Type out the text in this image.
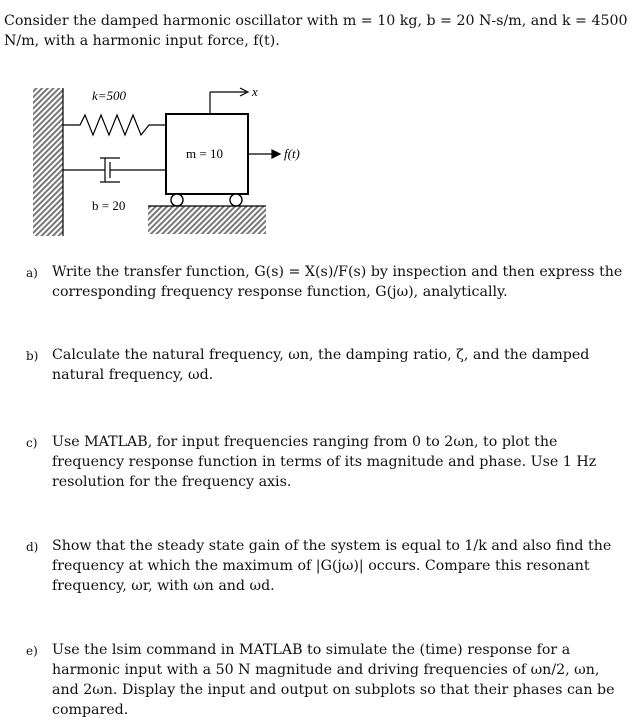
Consider the damped harmonic oscillator with m = 10 kg, b = 20 N-s/m, and k = 4500 N/m, with a harmonic input force, f(t).
k=500
b = 20
m = 10
x
f(t)
a) Write the transfer function, G(s) = X(s)/F(s) by inspection and then express the corresponding frequency response function, G(jω), analytically.
b) Calculate the natural frequency, ωn, the damping ratio, ζ, and the damped natural frequency, ωd.
c) Use MATLAB, for input frequencies ranging from 0 to 2ωn, to plot the frequency response function in terms of its magnitude and phase. Use 1 Hz resolution for the frequency axis.
d) Show that the steady state gain of the system is equal to 1/k and also find the frequency at which the maximum of |G(jω)| occurs. Compare this resonant frequency, ωr, with ωn and ωd.
e) Use the lsim command in MATLAB to simulate the (time) response for a harmonic input with a 50 N magnitude and driving frequencies of ωn/2, ωn, and 2ωn. Display the input and output on subplots so that their phases can be compared.
